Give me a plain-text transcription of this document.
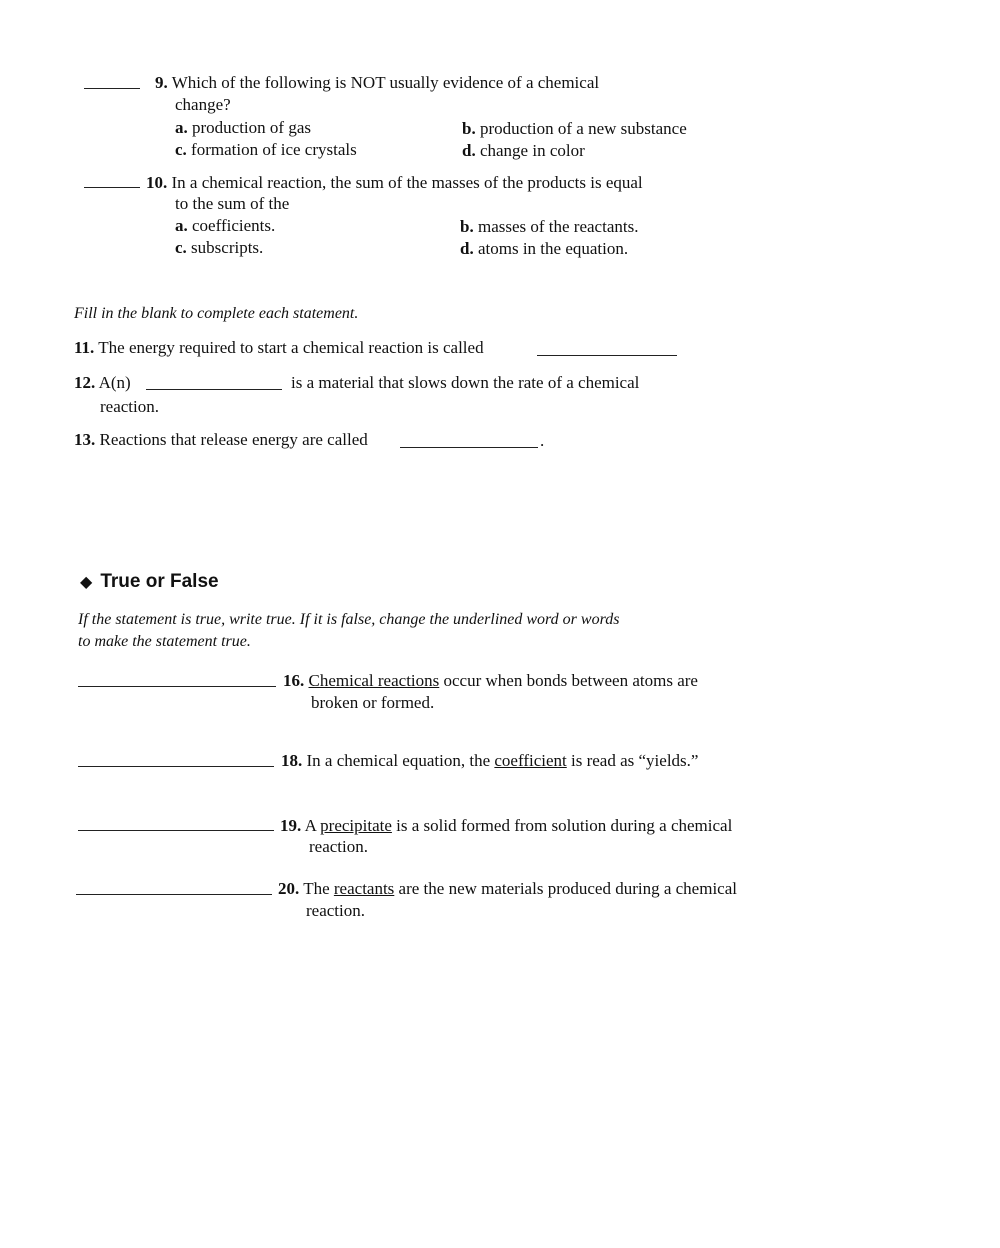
9. Which of the following is NOT usually evidence of a chemical
change?
a. production of gas	b. production of a new substance
c. formation of ice crystals	d. change in color
10. In a chemical reaction, the sum of the masses of the products is equal
to the sum of the
a. coefficients.	b. masses of the reactants.
c. subscripts.	d. atoms in the equation.
Fill in the blank to complete each statement.
11. The energy required to start a chemical reaction is called
12. A(n)	is a material that slows down the rate of a chemical
reaction.
13. Reactions that release energy are called	.
◆ True or False
If the statement is true, write true. If it is false, change the underlined word or words
to make the statement true.
16. Chemical reactions occur when bonds between atoms are
broken or formed.
18. In a chemical equation, the coefficient is read as “yields.”
19. A precipitate is a solid formed from solution during a chemical
reaction.
20. The reactants are the new materials produced during a chemical
reaction.
